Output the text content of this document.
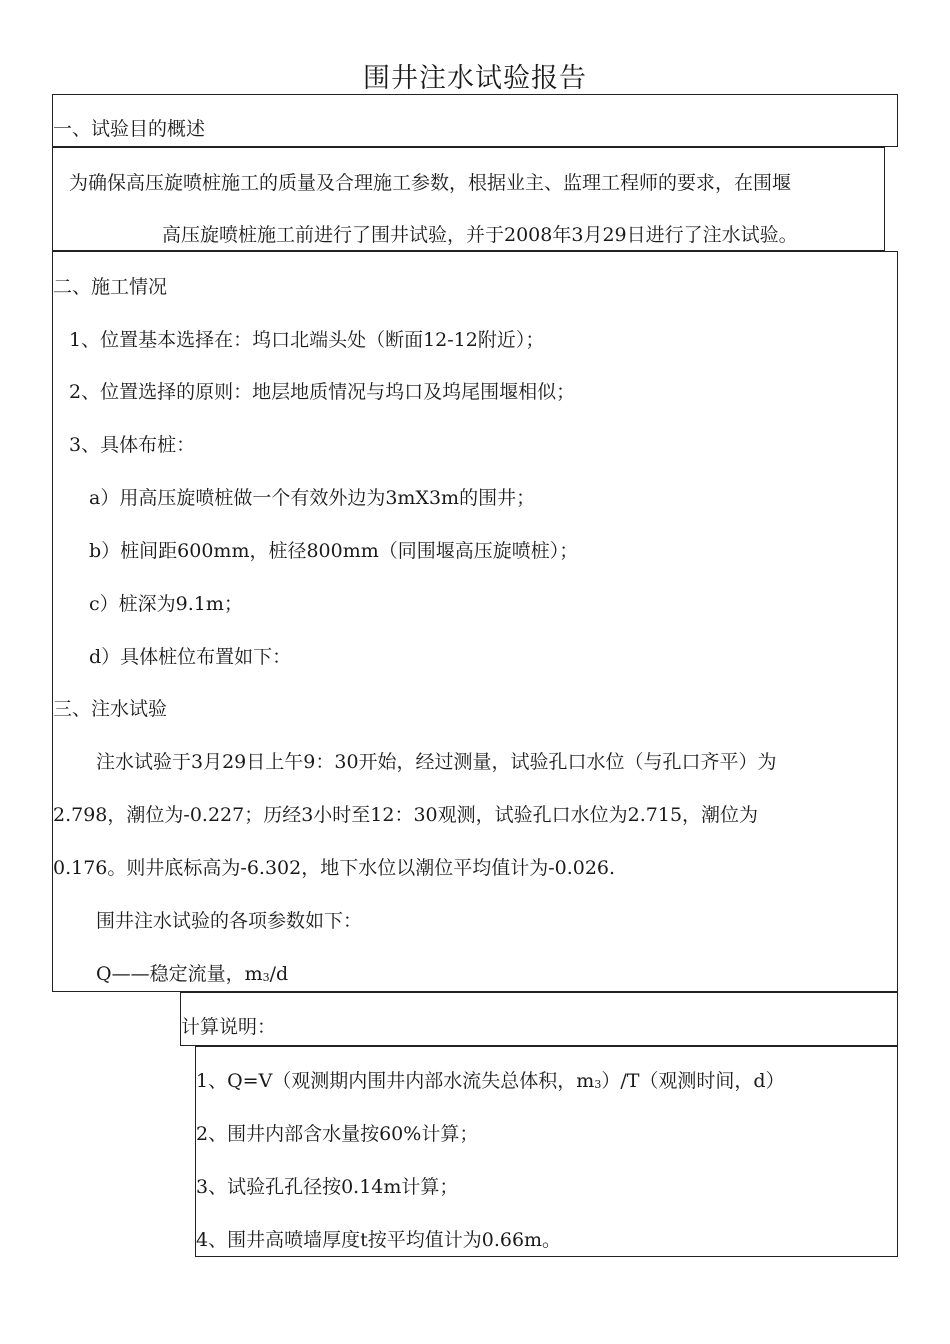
围井注水试验报告
一、试验目的概述
为确保高压旋喷桩施工的质量及合理施工参数，根据业主、监理工程师的要求，在围堰
高压旋喷桩施工前进行了围井试验，并于2008年3月29日进行了注水试验。
二、施工情况
1、位置基本选择在：坞口北端头处（断面12-12附近）；
2、位置选择的原则：地层地质情况与坞口及坞尾围堰相似；
3、具体布桩：
a）用高压旋喷桩做一个有效外边为3mX3m的围井；
b）桩间距600mm，桩径800mm（同围堰高压旋喷桩）；
c）桩深为9.1m；
d）具体桩位布置如下：
三、注水试验
注水试验于3月29日上午9：30开始，经过测量，试验孔口水位（与孔口齐平）为
2.798，潮位为-0.227；历经3小时至12：30观测，试验孔口水位为2.715，潮位为
0.176。则井底标高为-6.302，地下水位以潮位平均值计为-0.026.
围井注水试验的各项参数如下：
Q——稳定流量，m3/d
计算说明：
1、Q=V（观测期内围井内部水流失总体积，m3）/T（观测时间，d）
2、围井内部含水量按60%计算；
3、试验孔孔径按0.14m计算；
4、围井高喷墙厚度t按平均值计为0.66m。
